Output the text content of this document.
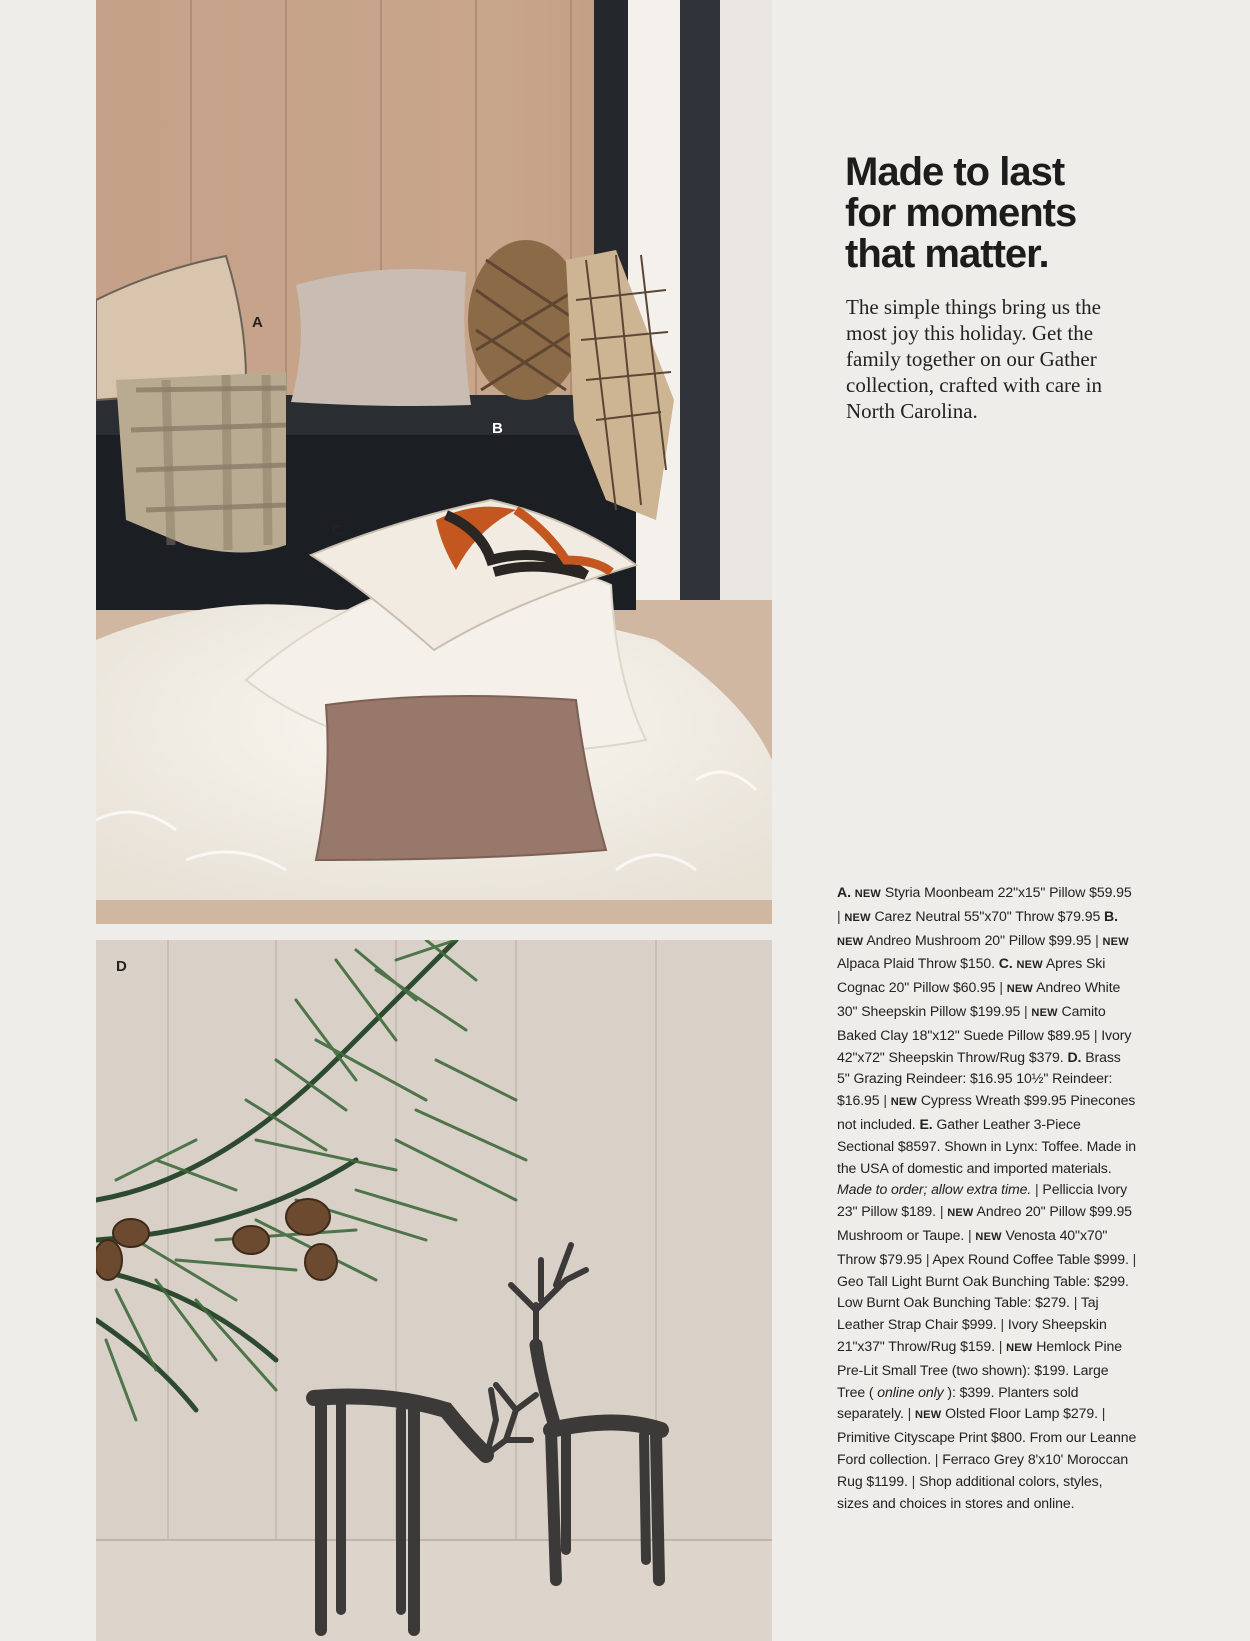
A
B
C
D
Made to last
for moments
that matter.

The simple things bring us the most joy this holiday. Get the family together on our Gather collection, crafted with care in North Carolina.

A. NEW Styria Moonbeam 22"x15" Pillow $59.95 | NEW Carez Neutral 55"x70" Throw $79.95 B. NEW Andreo Mushroom 20" Pillow $99.95 | NEW Alpaca Plaid Throw $150. C. NEW Apres Ski Cognac 20" Pillow $60.95 | NEW Andreo White 30" Sheepskin Pillow $199.95 | NEW Camito Baked Clay 18"x12" Suede Pillow $89.95 | Ivory 42"x72" Sheepskin Throw/Rug $379. D. Brass 5" Grazing Reindeer: $16.95 10½" Reindeer: $16.95 | NEW Cypress Wreath $99.95 Pinecones not included. E. Gather Leather 3-Piece Sectional $8597. Shown in Lynx: Toffee. Made in the USA of domestic and imported materials. Made to order; allow extra time. | Pelliccia Ivory 23" Pillow $189. | NEW Andreo 20" Pillow $99.95 Mushroom or Taupe. | NEW Venosta 40"x70" Throw $79.95 | Apex Round Coffee Table $999. | Geo Tall Light Burnt Oak Bunching Table: $299. Low Burnt Oak Bunching Table: $279. | Taj Leather Strap Chair $999. | Ivory Sheepskin 21"x37" Throw/Rug $159. | NEW Hemlock Pine Pre-Lit Small Tree (two shown): $199. Large Tree ( online only ): $399. Planters sold separately. | NEW Olsted Floor Lamp $279. | Primitive Cityscape Print $800. From our Leanne Ford collection. | Ferraco Grey 8'x10' Moroccan Rug $1199. | Shop additional colors, styles, sizes and choices in stores and online.
